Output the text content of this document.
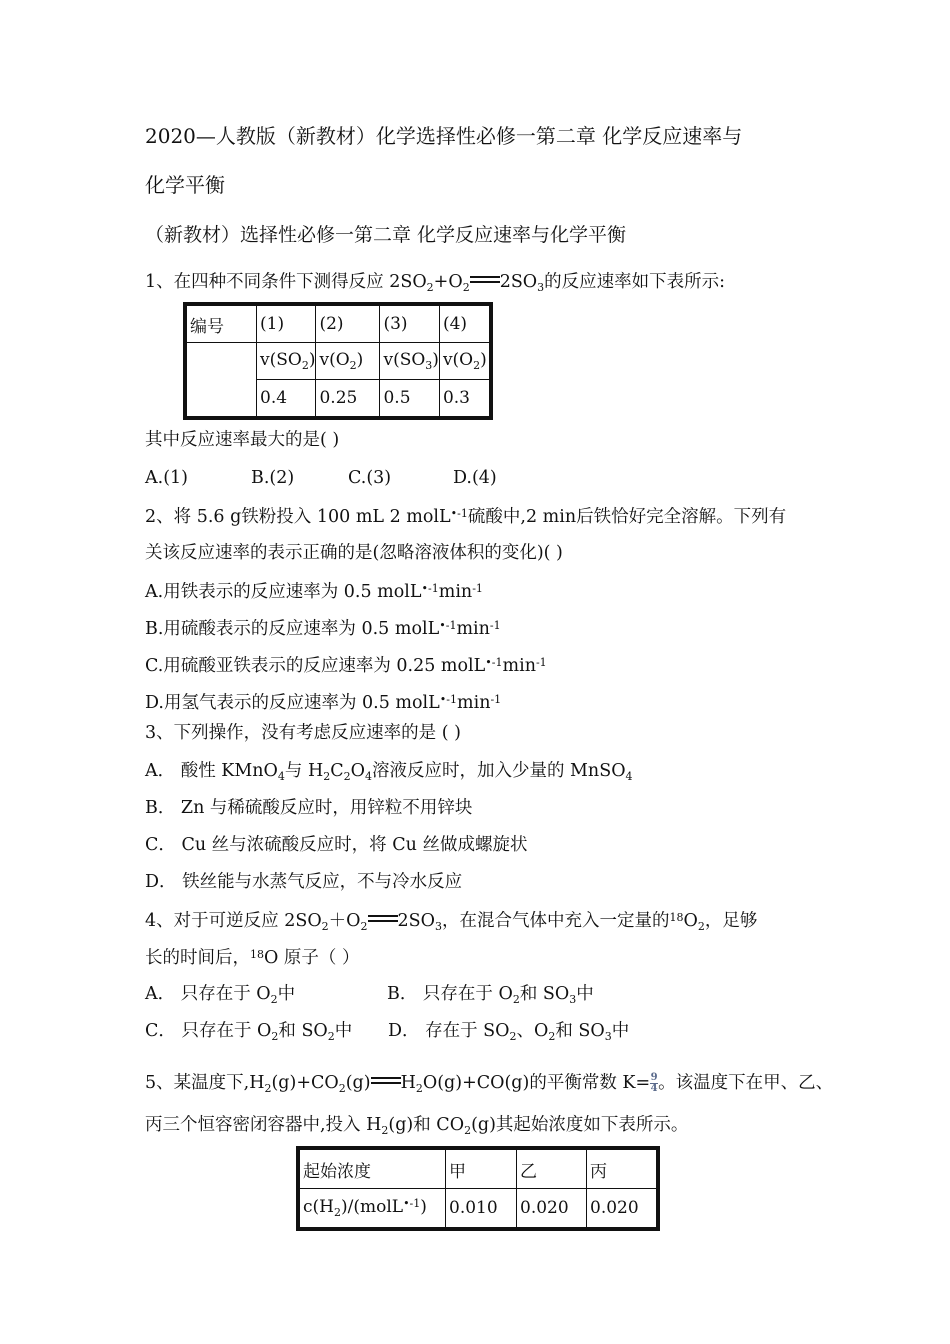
2020—人教版（新教材）化学选择性必修一第二章 化学反应速率与
化学平衡
（新教材）选择性必修一第二章 化学反应速率与化学平衡
1、在四种不同条件下测得反应 $2SO_2+O_2$ $2SO_3$的反应速率如下表所示:
编号	(1)	(2)	(3)	(4)
	$v(SO_2)$	$v(O_2)$	$v(SO_3)$	$v(O_2)$
	0.4	0.25	0.5	0.3
其中反应速率最大的是( )
A.(1)	B.(2)	C.(3)	D.(4)
2、将 5.6 g铁粉投入 100 mL 2 molL$^{•-1}$硫酸中,2 min后铁恰好完全溶解。下列有
关该反应速率的表示正确的是(忽略溶液体积的变化)( )
A.用铁表示的反应速率为 0.5 $molL^{•-1}\min^{-1}$
B.用硫酸表示的反应速率为 0.5 $molL^{•-1}\min^{-1}$
C.用硫酸亚铁表示的反应速率为 0.25 $molL^{•-1}\min^{-1}$
D.用氢气表示的反应速率为 0.5 $molL^{•-1}\min^{-1}$
3、下列操作，没有考虑反应速率的是 ( )
A． 酸性 KMnO$_4$与 $H_2C_2O_4$溶液反应时，加入少量的 MnSO$_4$
B． Zn 与稀硫酸反应时，用锌粒不用锌块
C． Cu 丝与浓硫酸反应时，将 Cu 丝做成螺旋状
D． 铁丝能与水蒸气反应，不与冷水反应
4、对于可逆反应 $2SO_2+O_2$ $2SO_3$，在混合气体中充入一定量的$^{18}O_2$，足够
长的时间后，$^{18}$O 原子（ ）
A． 只存在于 $O_2$中	B． 只存在于 $O_2$和 $SO_3$中
C． 只存在于 $O_2$和 $SO_2$中 D． 存在于 $SO_2$、$O_2$和 $SO_3$中
5、某温度下$,H_2(g)+CO_2(g)$ $H_2O(g)+CO(g)$的平衡常数 $K= \frac{9}{4}$ 。该温度下在甲、乙、
丙三个恒容密闭容器中,投入 $H_2(g)$和 $CO_2(g)$其起始浓度如下表所示。
起始浓度	甲	乙	丙
$c(H_2)/(molL^{•-1})$	0.010	0.020	0.020
